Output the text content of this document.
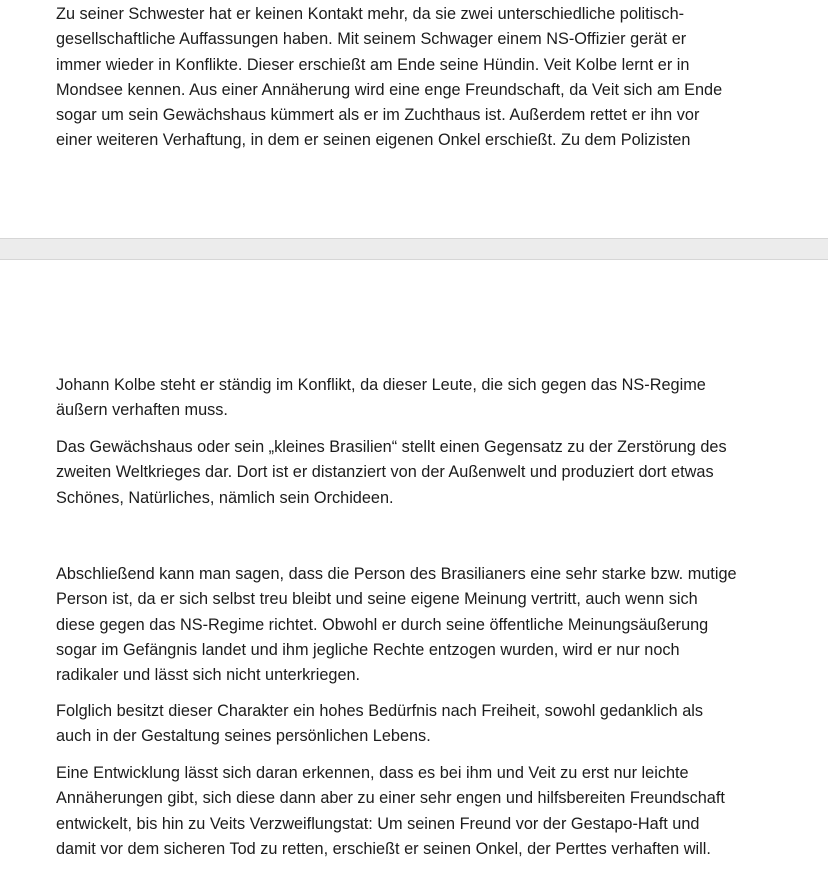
Zu seiner Schwester hat er keinen Kontakt mehr, da sie zwei unterschiedliche politisch-
gesellschaftliche Auffassungen haben. Mit seinem Schwager einem NS-Offizier gerät er
immer wieder in Konflikte. Dieser erschießt am Ende seine Hündin. Veit Kolbe lernt er in
Mondsee kennen. Aus einer Annäherung wird eine enge Freundschaft, da Veit sich am Ende
sogar um sein Gewächshaus kümmert als er im Zuchthaus ist. Außerdem rettet er ihn vor
einer weiteren Verhaftung, in dem er seinen eigenen Onkel erschießt. Zu dem Polizisten

Johann Kolbe steht er ständig im Konflikt, da dieser Leute, die sich gegen das NS-Regime
äußern verhaften muss.

Das Gewächshaus oder sein „kleines Brasilien“ stellt einen Gegensatz zu der Zerstörung des
zweiten Weltkrieges dar. Dort ist er distanziert von der Außenwelt und produziert dort etwas
Schönes, Natürliches, nämlich sein Orchideen.

Abschließend kann man sagen, dass die Person des Brasilianers eine sehr starke bzw. mutige
Person ist, da er sich selbst treu bleibt und seine eigene Meinung vertritt, auch wenn sich
diese gegen das NS-Regime richtet. Obwohl er durch seine öffentliche Meinungsäußerung
sogar im Gefängnis landet und ihm jegliche Rechte entzogen wurden, wird er nur noch
radikaler und lässt sich nicht unterkriegen.

Folglich besitzt dieser Charakter ein hohes Bedürfnis nach Freiheit, sowohl gedanklich als
auch in der Gestaltung seines persönlichen Lebens.

Eine Entwicklung lässt sich daran erkennen, dass es bei ihm und Veit zu erst nur leichte
Annäherungen gibt, sich diese dann aber zu einer sehr engen und hilfsbereiten Freundschaft
entwickelt, bis hin zu Veits Verzweiflungstat: Um seinen Freund vor der Gestapo-Haft und
damit vor dem sicheren Tod zu retten, erschießt er seinen Onkel, der Perttes verhaften will.
